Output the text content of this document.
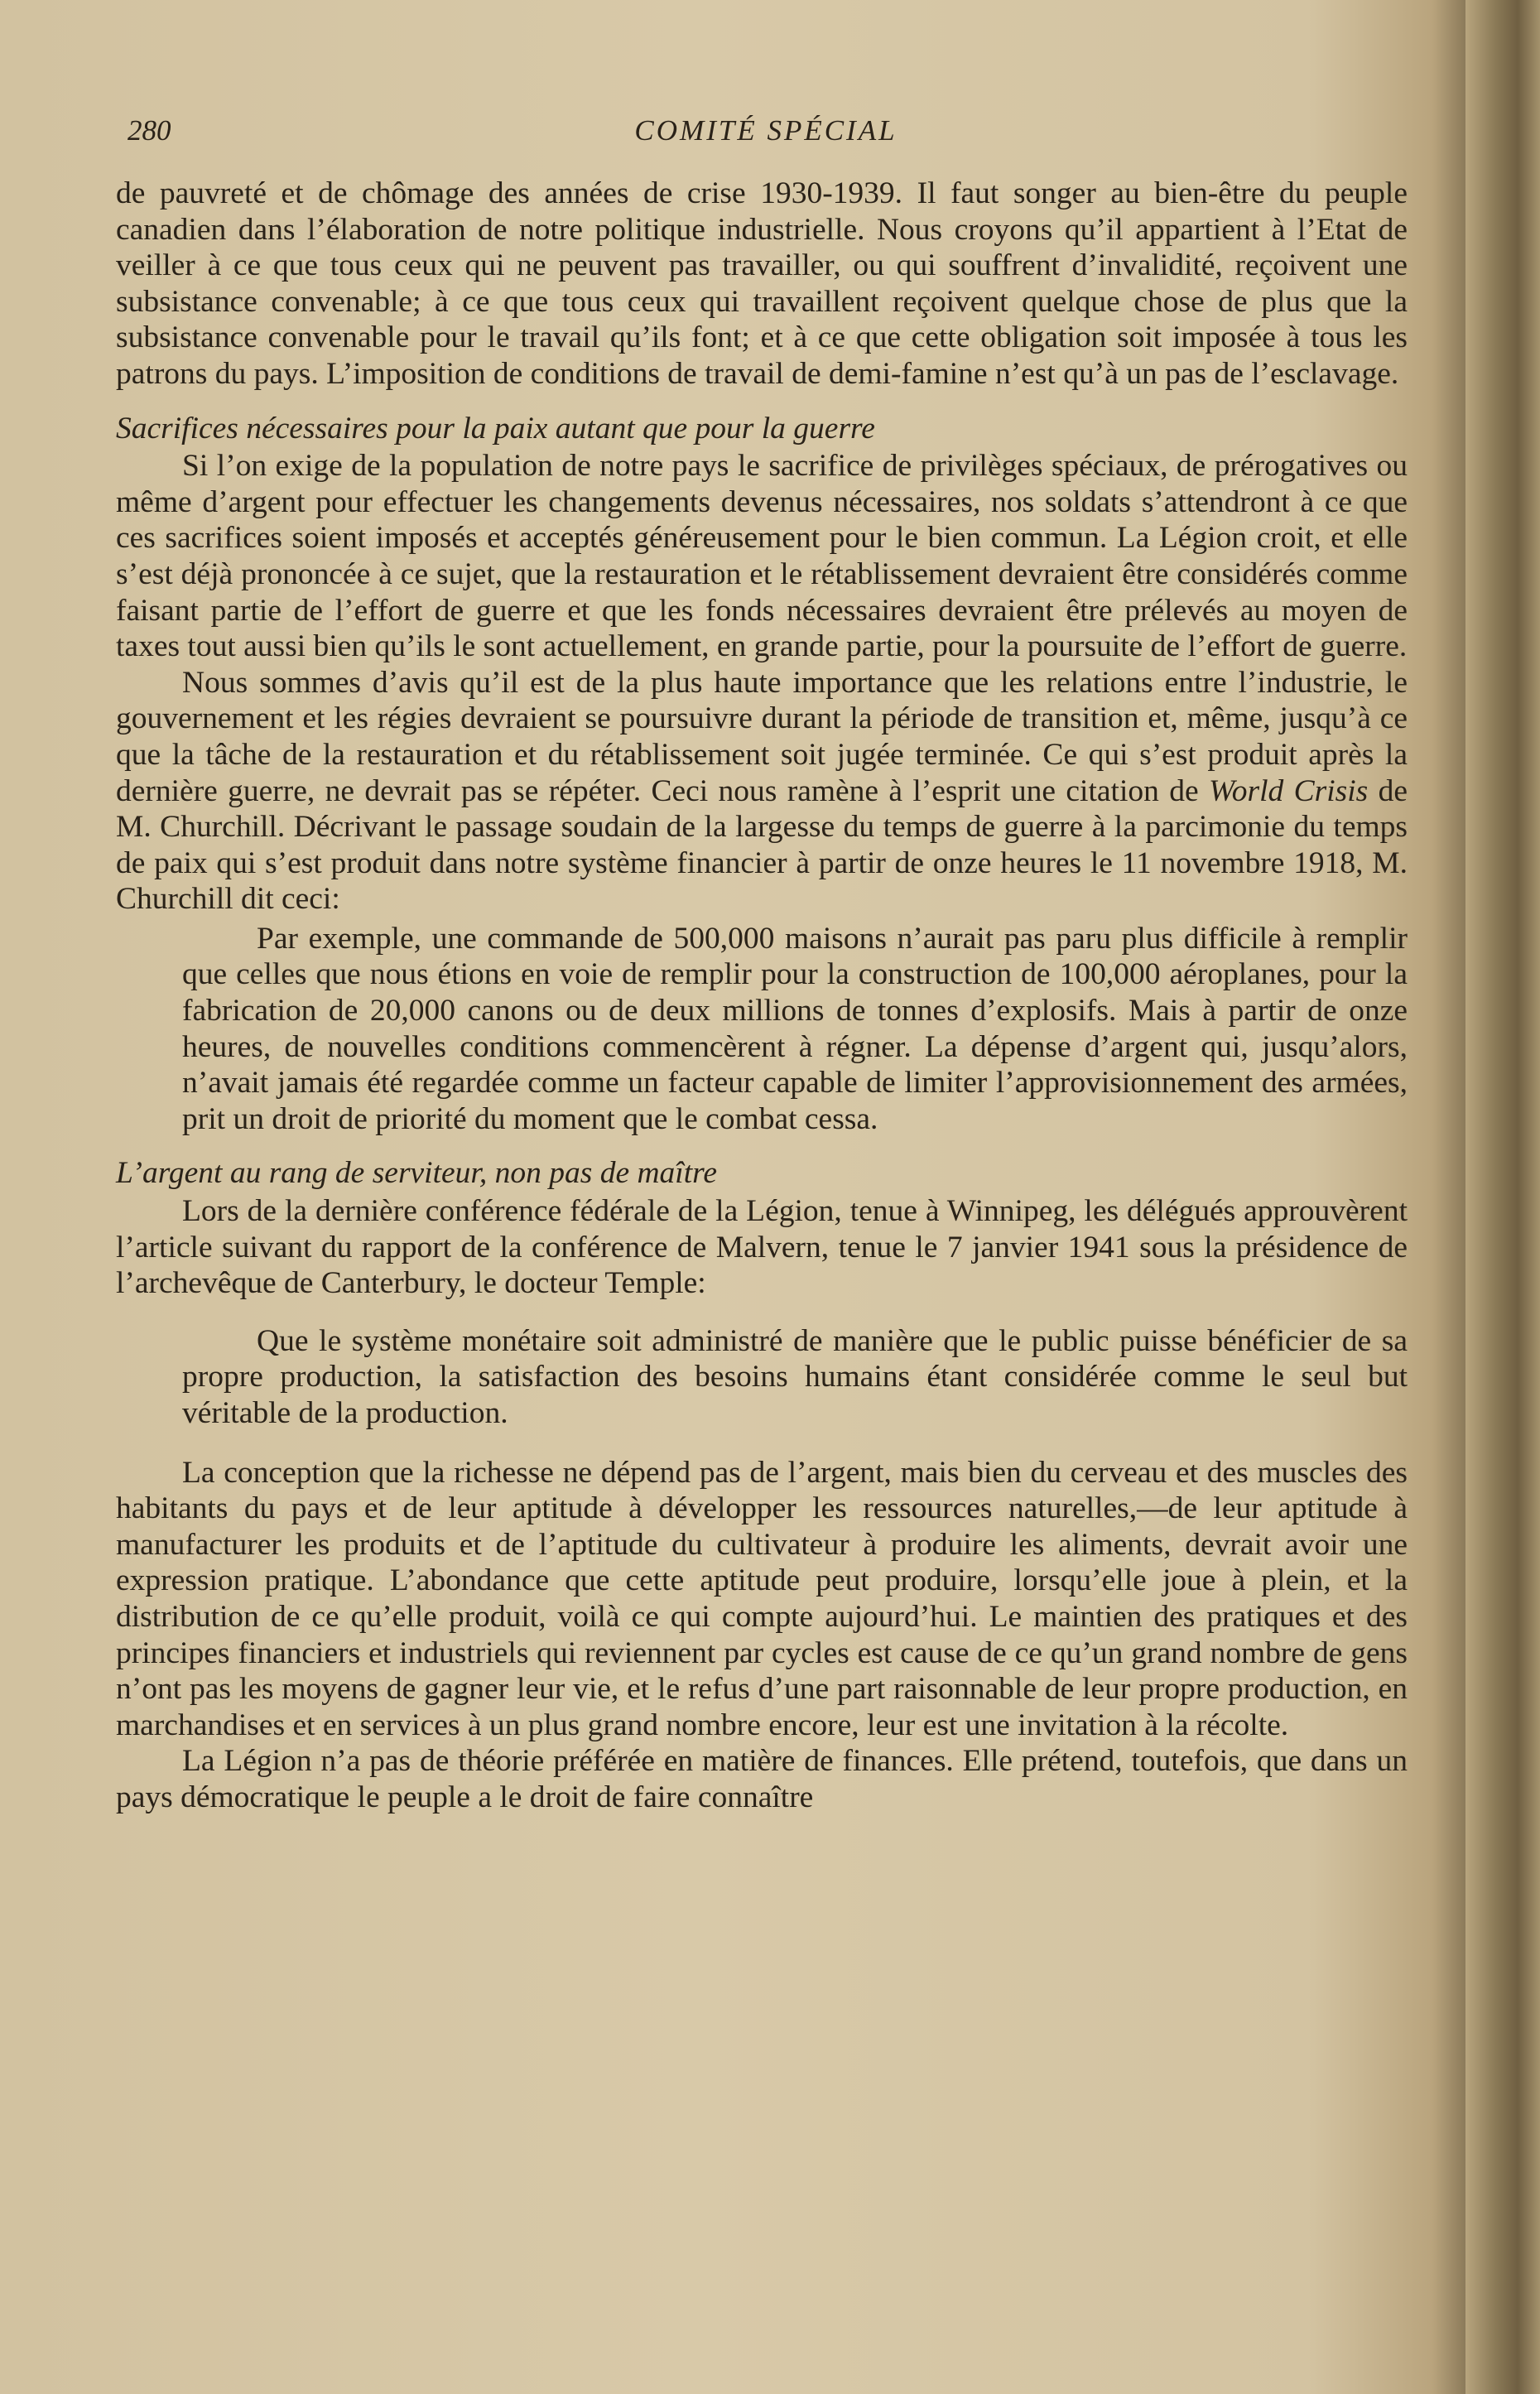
280	COMITÉ SPÉCIAL

de pauvreté et de chômage des années de crise 1930-1939. Il faut songer au bien-être du peuple canadien dans l’élaboration de notre politique industrielle. Nous croyons qu’il appartient à l’Etat de veiller à ce que tous ceux qui ne peuvent pas travailler, ou qui souffrent d’invalidité, reçoivent une subsistance convenable; à ce que tous ceux qui travaillent reçoivent quelque chose de plus que la subsistance convenable pour le travail qu’ils font; et à ce que cette obligation soit imposée à tous les patrons du pays. L’imposition de conditions de travail de demi-famine n’est qu’à un pas de l’esclavage.

Sacrifices nécessaires pour la paix autant que pour la guerre

Si l’on exige de la population de notre pays le sacrifice de privilèges spéciaux, de prérogatives ou même d’argent pour effectuer les changements devenus nécessaires, nos soldats s’attendront à ce que ces sacrifices soient imposés et acceptés généreusement pour le bien commun. La Légion croit, et elle s’est déjà prononcée à ce sujet, que la restauration et le rétablissement devraient être considérés comme faisant partie de l’effort de guerre et que les fonds nécessaires devraient être prélevés au moyen de taxes tout aussi bien qu’ils le sont actuellement, en grande partie, pour la poursuite de l’effort de guerre.

Nous sommes d’avis qu’il est de la plus haute importance que les relations entre l’industrie, le gouvernement et les régies devraient se poursuivre durant la période de transition et, même, jusqu’à ce que la tâche de la restauration et du rétablissement soit jugée terminée. Ce qui s’est produit après la dernière guerre, ne devrait pas se répéter. Ceci nous ramène à l’esprit une citation de World Crisis de M. Churchill. Décrivant le passage soudain de la largesse du temps de guerre à la parcimonie du temps de paix qui s’est produit dans notre système financier à partir de onze heures le 11 novembre 1918, M. Churchill dit ceci:

Par exemple, une commande de 500,000 maisons n’aurait pas paru plus difficile à remplir que celles que nous étions en voie de remplir pour la construction de 100,000 aéroplanes, pour la fabrication de 20,000 canons ou de deux millions de tonnes d’explosifs. Mais à partir de onze heures, de nouvelles conditions commencèrent à régner. La dépense d’argent qui, jusqu’alors, n’avait jamais été regardée comme un facteur capable de limiter l’approvisionnement des armées, prit un droit de priorité du moment que le combat cessa.

L’argent au rang de serviteur, non pas de maître

Lors de la dernière conférence fédérale de la Légion, tenue à Winnipeg, les délégués approuvèrent l’article suivant du rapport de la conférence de Malvern, tenue le 7 janvier 1941 sous la présidence de l’archevêque de Canterbury, le docteur Temple:

Que le système monétaire soit administré de manière que le public puisse bénéficier de sa propre production, la satisfaction des besoins humains étant considérée comme le seul but véritable de la production.

La conception que la richesse ne dépend pas de l’argent, mais bien du cerveau et des muscles des habitants du pays et de leur aptitude à développer les ressources naturelles,—de leur aptitude à manufacturer les produits et de l’aptitude du cultivateur à produire les aliments, devrait avoir une expression pratique. L’abondance que cette aptitude peut produire, lorsqu’elle joue à plein, et la distribution de ce qu’elle produit, voilà ce qui compte aujourd’hui. Le maintien des pratiques et des principes financiers et industriels qui reviennent par cycles est cause de ce qu’un grand nombre de gens n’ont pas les moyens de gagner leur vie, et le refus d’une part raisonnable de leur propre production, en marchandises et en services à un plus grand nombre encore, leur est une invitation à la récolte.

La Légion n’a pas de théorie préférée en matière de finances. Elle prétend, toutefois, que dans un pays démocratique le peuple a le droit de faire connaître
